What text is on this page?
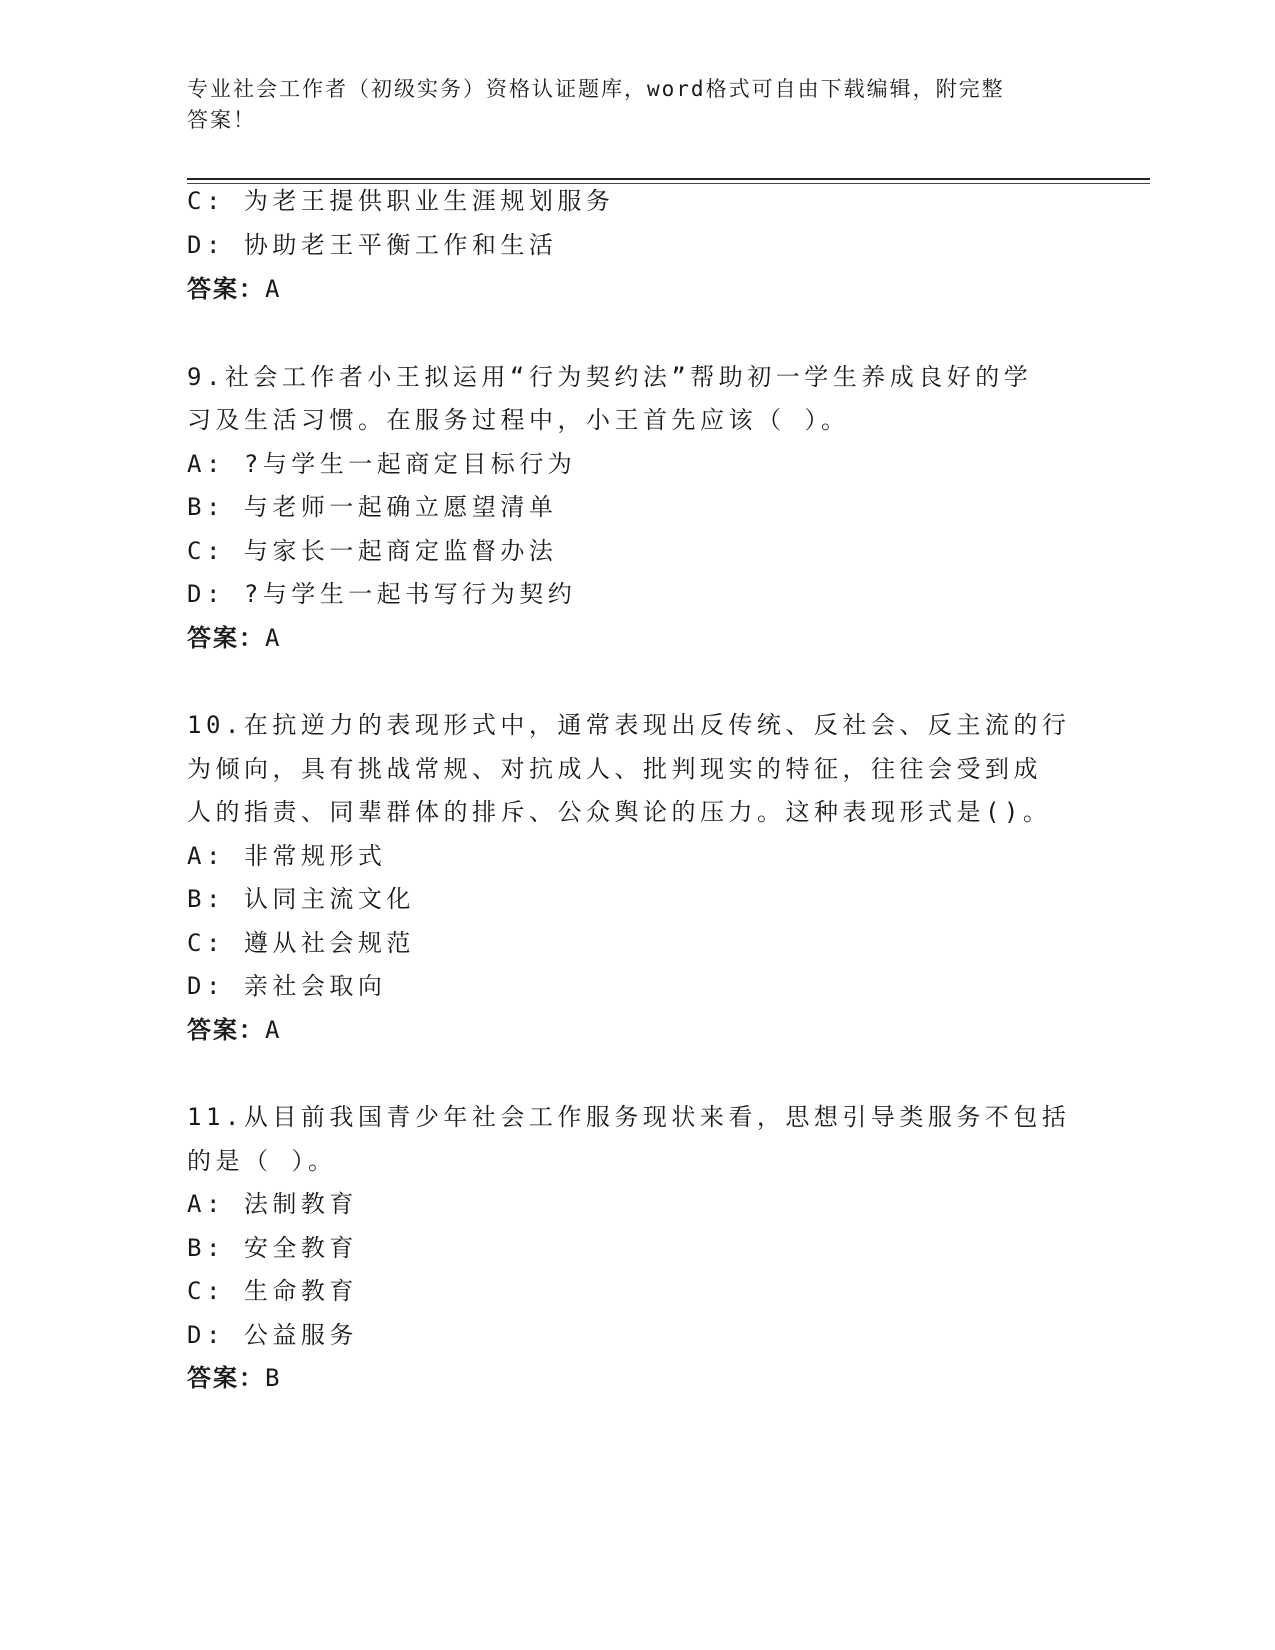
专业社会工作者（初级实务）资格认证题库，word格式可自由下载编辑，附完整
答案！
C: 为老王提供职业生涯规划服务
D: 协助老王平衡工作和生活
答案：A
9.社会工作者小王拟运用“行为契约法”帮助初一学生养成良好的学
习及生活习惯。在服务过程中，小王首先应该（ ）。
A: ?与学生一起商定目标行为
B: 与老师一起确立愿望清单
C: 与家长一起商定监督办法
D: ?与学生一起书写行为契约
答案：A
10.在抗逆力的表现形式中，通常表现出反传统、反社会、反主流的行
为倾向，具有挑战常规、对抗成人、批判现实的特征，往往会受到成
人的指责、同辈群体的排斥、公众舆论的压力。这种表现形式是()。
A: 非常规形式
B: 认同主流文化
C: 遵从社会规范
D: 亲社会取向
答案：A
11.从目前我国青少年社会工作服务现状来看，思想引导类服务不包括
的是（ ）。
A: 法制教育
B: 安全教育
C: 生命教育
D: 公益服务
答案：B
